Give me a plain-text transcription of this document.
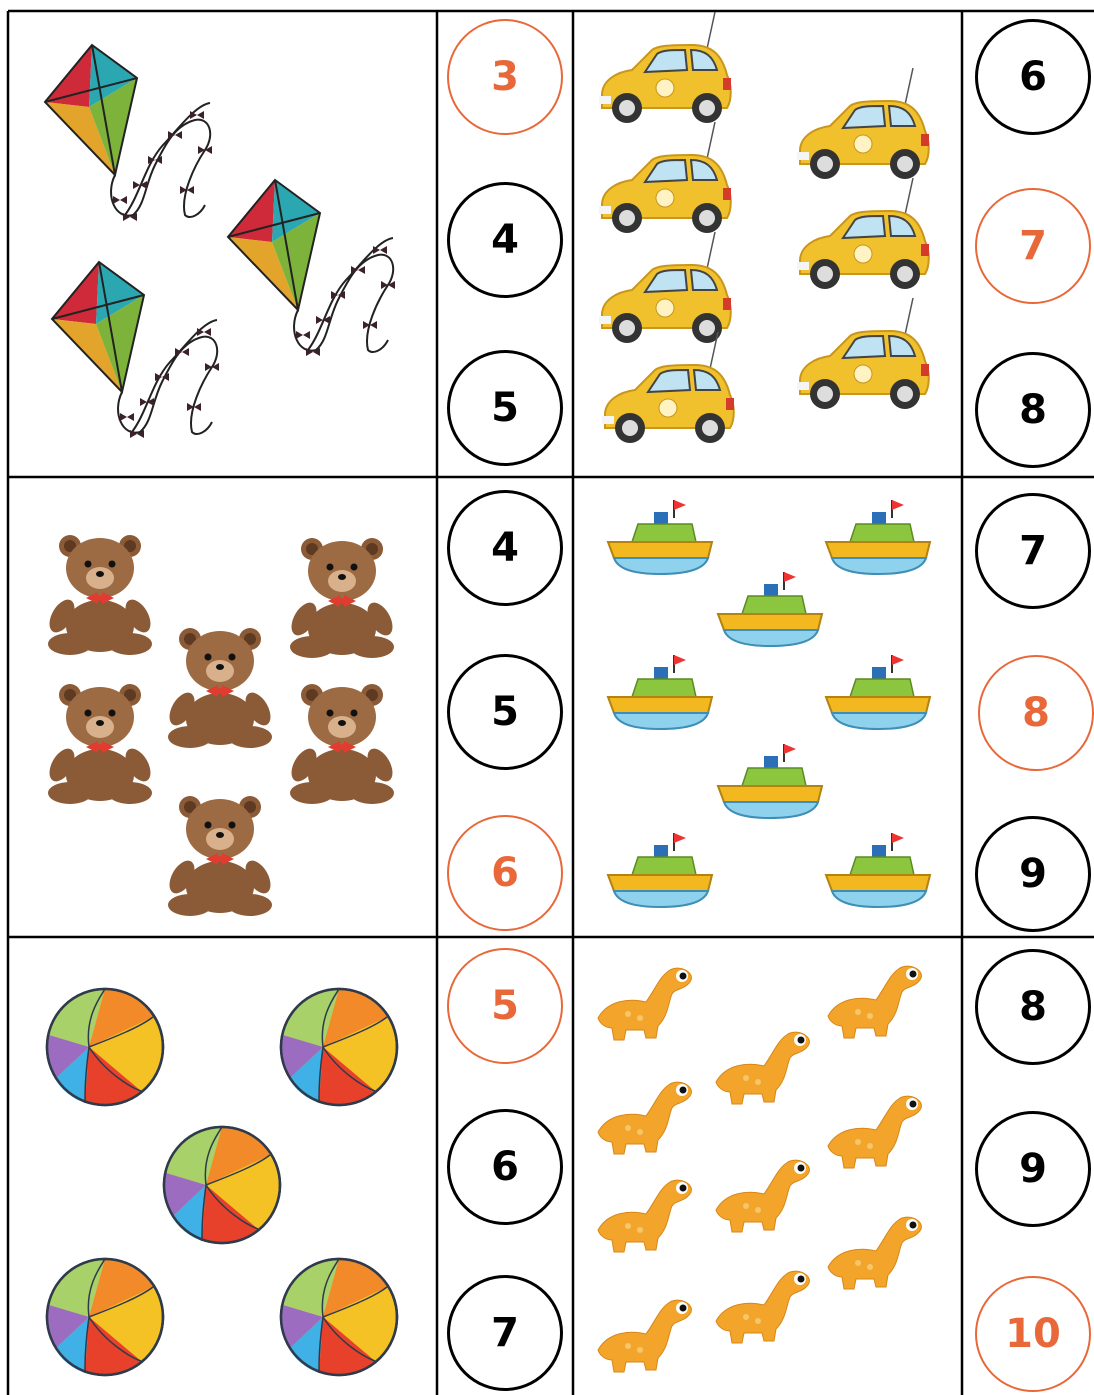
3
4
5
6
7
8
4
5
6
7
8
9
5
6
7
8
9
10
